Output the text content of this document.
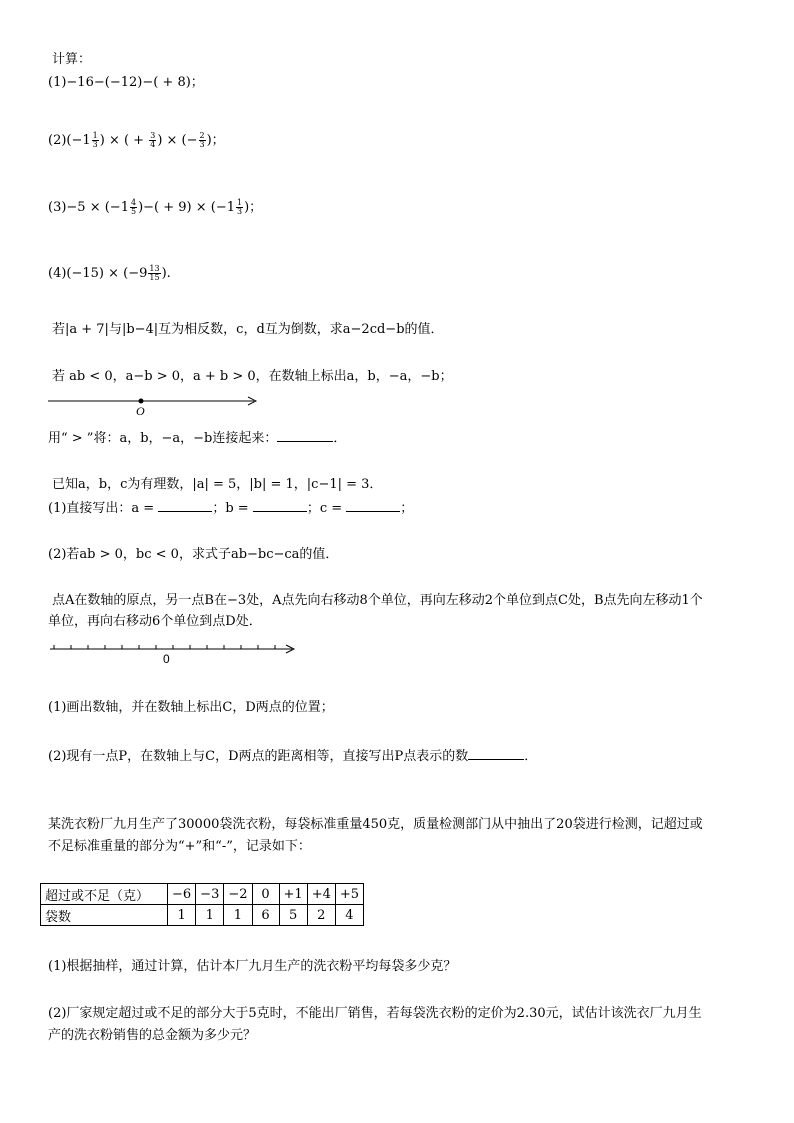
计算：
(1)−16−(−12)−( + 8)；
$(2)(-1 \frac{1}{3}$ ) × ( + $\frac{3}{4}$ ) × (− $\frac{2}{3}$ )；
$(3)-5 \times (-1 \frac{4}{5}$ )−( + $9) \times (-1 \frac{1}{3}$ )；
$(4)(-15) \times (-9 \frac{13}{15}$ ).
若|a + 7|与|b−4|互为相反数，c，d互为倒数，求a−2cd−b的值．
若 ab < 0，a−b > 0，a + b > 0，在数轴上标出a，b，−a，−b；
O
用“ > ”将：a，b，−a，−b连接起来：	．
已知a，b，c为有理数，|a| = 5，|b| = 1，|c−1| = 3．
(1)直接写出：a =	；b =	；c =	；
(2)若ab > 0，bc < 0，求式子ab−bc−ca的值．
点A在数轴的原点，另一点B在−3处，A点先向右移动8个单位，再向左移动2个单位到点C处，B点先向左移动1个
单位，再向右移动6个单位到点D处．
0
(1)画出数轴，并在数轴上标出C，D两点的位置；
(2)现有一点P，在数轴上与C，D两点的距离相等，直接写出P点表示的数	．
某洗衣粉厂九月生产了30000袋洗衣粉，每袋标准重量450克，质量检测部门从中抽出了20袋进行检测，记超过或
不足标准重量的部分为“+”和“-”，记录如下：
超过或不足（克）	−6	−3	−2	0	+1	+4	+5
袋数	1	1	1	6	5	2	4
(1)根据抽样，通过计算，估计本厂九月生产的洗衣粉平均每袋多少克？
(2)厂家规定超过或不足的部分大于5克时，不能出厂销售，若每袋洗衣粉的定价为2.30元，试估计该洗衣厂九月生
产的洗衣粉销售的总金额为多少元？
